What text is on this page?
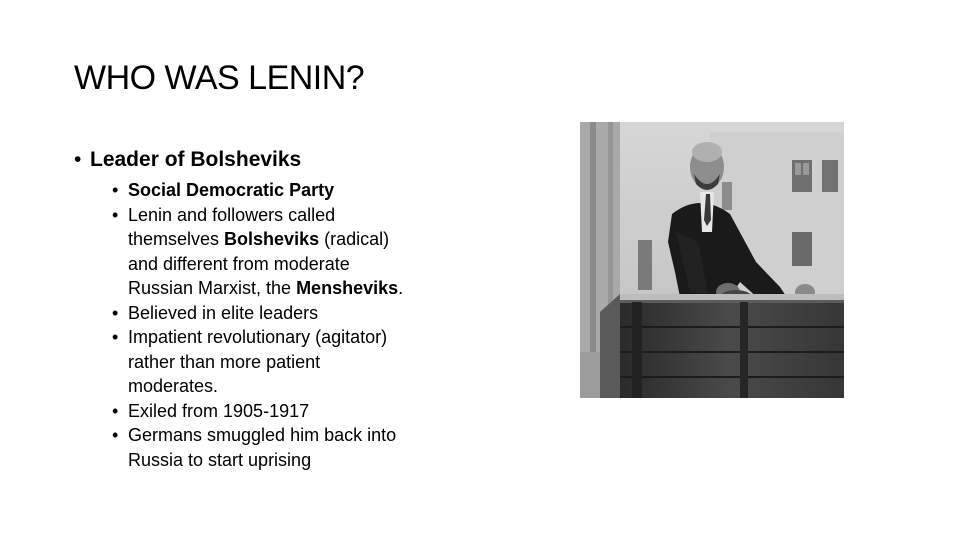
WHO WAS LENIN?
• Leader of Bolsheviks
• Social Democratic Party
• Lenin and followers called
themselves Bolsheviks (radical)
and different from moderate
Russian Marxist, the Mensheviks.
• Believed in elite leaders
• Impatient revolutionary (agitator)
rather than more patient
moderates.
• Exiled from 1905-1917
• Germans smuggled him back into
Russia to start uprising
